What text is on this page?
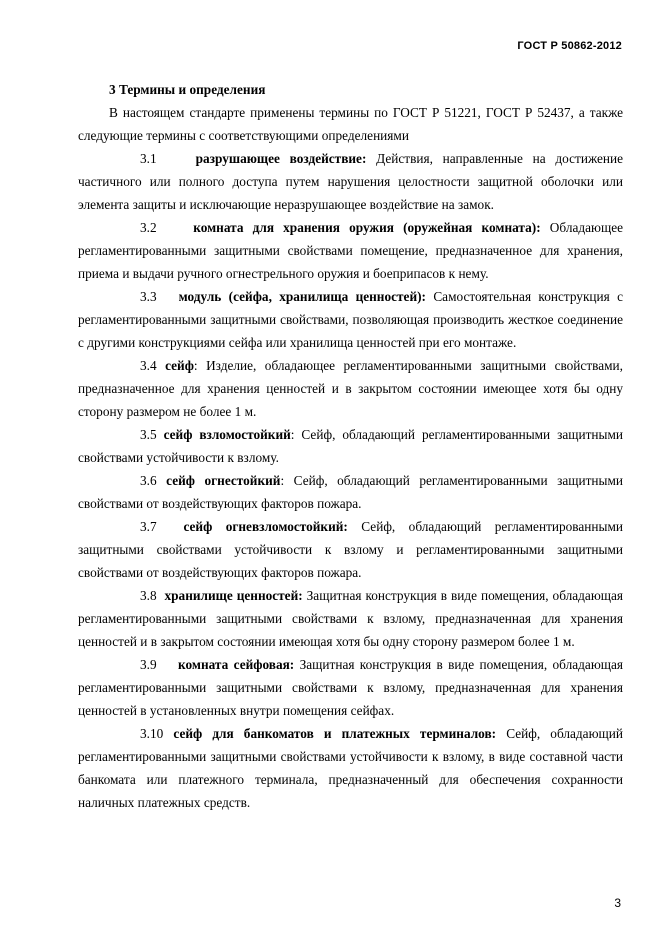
ГОСТ Р 50862-2012

3 Термины и определения

В настоящем стандарте применены термины по ГОСТ Р 51221, ГОСТ Р 52437, а также следующие термины с соответствующими определениями

3.1	разрушающее воздействие: Действия, направленные на достижение частичного или полного доступа путем нарушения целостности защитной оболочки или элемента защиты и исключающие неразрушающее воздействие на замок.

3.2	комната для хранения оружия (оружейная комната): Обладающее регламентированными защитными свойствами помещение, предназначенное для хранения, приема и выдачи ручного огнестрельного оружия и боеприпасов к нему.

3.3 модуль (сейфа, хранилища ценностей): Самостоятельная конструкция с регламентированными защитными свойствами, позволяющая производить жесткое соединение с другими конструкциями сейфа или хранилища ценностей при его монтаже.

3.4 сейф: Изделие, обладающее регламентированными защитными свойствами, предназначенное для хранения ценностей и в закрытом состоянии имеющее хотя бы одну сторону размером не более 1 м.

3.5 сейф взломостойкий: Сейф, обладающий регламентированными защитными свойствами устойчивости к взлому.

3.6 сейф огнестойкий: Сейф, обладающий регламентированными защитными свойствами от воздействующих факторов пожара.

3.7 сейф огневзломостойкий: Сейф, обладающий регламентированными защитными свойствами устойчивости к взлому и регламентированными защитными свойствами от воздействующих факторов пожара.

3.8 хранилище ценностей: Защитная конструкция в виде помещения, обладающая регламентированными защитными свойствами к взлому, предназначенная для хранения ценностей и в закрытом состоянии имеющая хотя бы одну сторону размером более 1 м.

3.9 комната сейфовая: Защитная конструкция в виде помещения, обладающая регламентированными защитными свойствами к взлому, предназначенная для хранения ценностей в установленных внутри помещения сейфах.

3.10 сейф для банкоматов и платежных терминалов: Сейф, обладающий регламентированными защитными свойствами устойчивости к взлому, в виде составной части банкомата или платежного терминала, предназначенный для обеспечения сохранности наличных платежных средств.

3
